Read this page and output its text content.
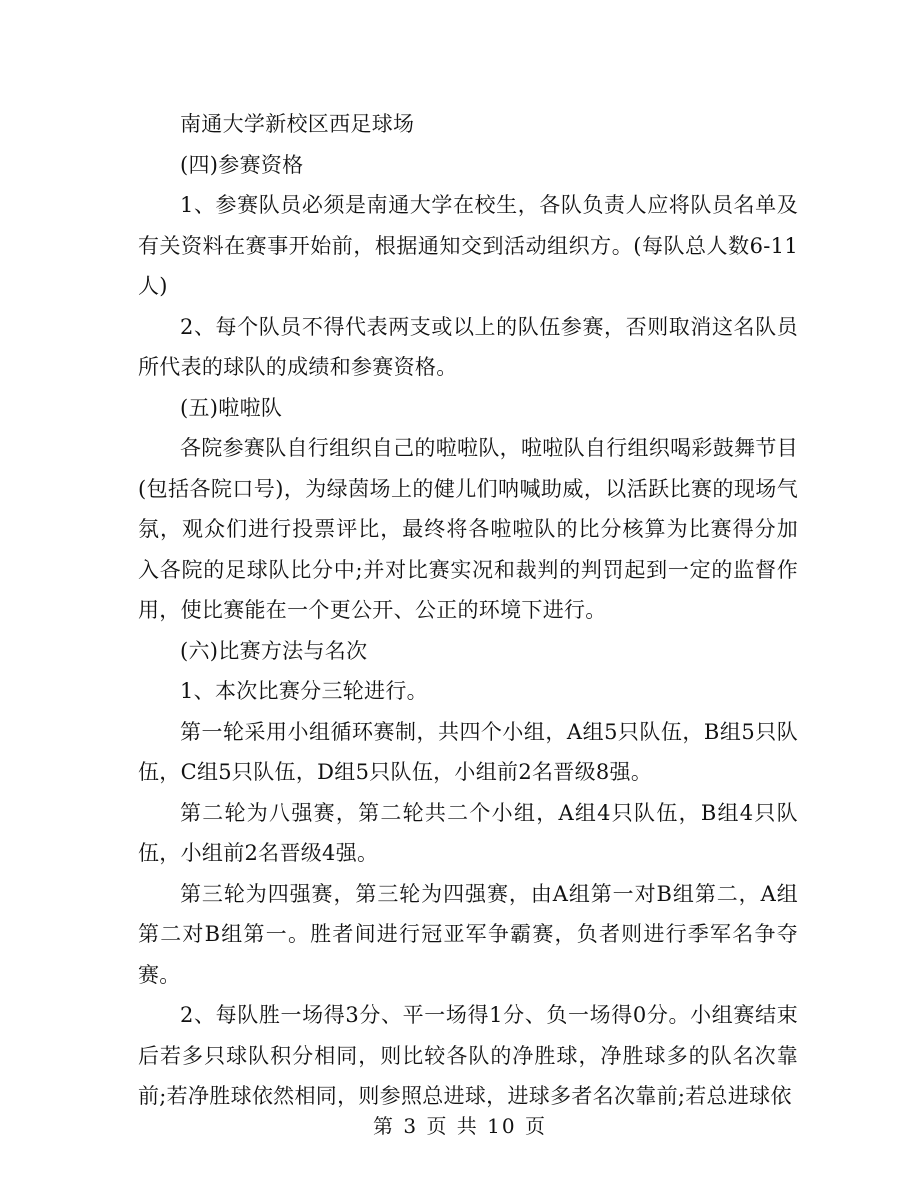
南通大学新校区西足球场

(四)参赛资格

1、参赛队员必须是南通大学在校生，各队负责人应将队员名单及有关资料在赛事开始前，根据通知交到活动组织方。(每队总人数6-11人)

2、每个队员不得代表两支或以上的队伍参赛，否则取消这名队员所代表的球队的成绩和参赛资格。

(五)啦啦队

各院参赛队自行组织自己的啦啦队，啦啦队自行组织喝彩鼓舞节目(包括各院口号)，为绿茵场上的健儿们呐喊助威，以活跃比赛的现场气氛，观众们进行投票评比，最终将各啦啦队的比分核算为比赛得分加入各院的足球队比分中;并对比赛实况和裁判的判罚起到一定的监督作用，使比赛能在一个更公开、公正的环境下进行。

(六)比赛方法与名次

1、本次比赛分三轮进行。

第一轮采用小组循环赛制，共四个小组，A组5只队伍，B组5只队伍，C组5只队伍，D组5只队伍，小组前2名晋级8强。

第二轮为八强赛，第二轮共二个小组，A组4只队伍，B组4只队伍，小组前2名晋级4强。

第三轮为四强赛，第三轮为四强赛，由A组第一对B组第二，A组第二对B组第一。胜者间进行冠亚军争霸赛，负者则进行季军名争夺赛。

2、每队胜一场得3分、平一场得1分、负一场得0分。小组赛结束后若多只球队积分相同，则比较各队的净胜球，净胜球多的队名次靠前;若净胜球依然相同，则参照总进球，进球多者名次靠前;若总进球依

第 3 页 共 10 页
